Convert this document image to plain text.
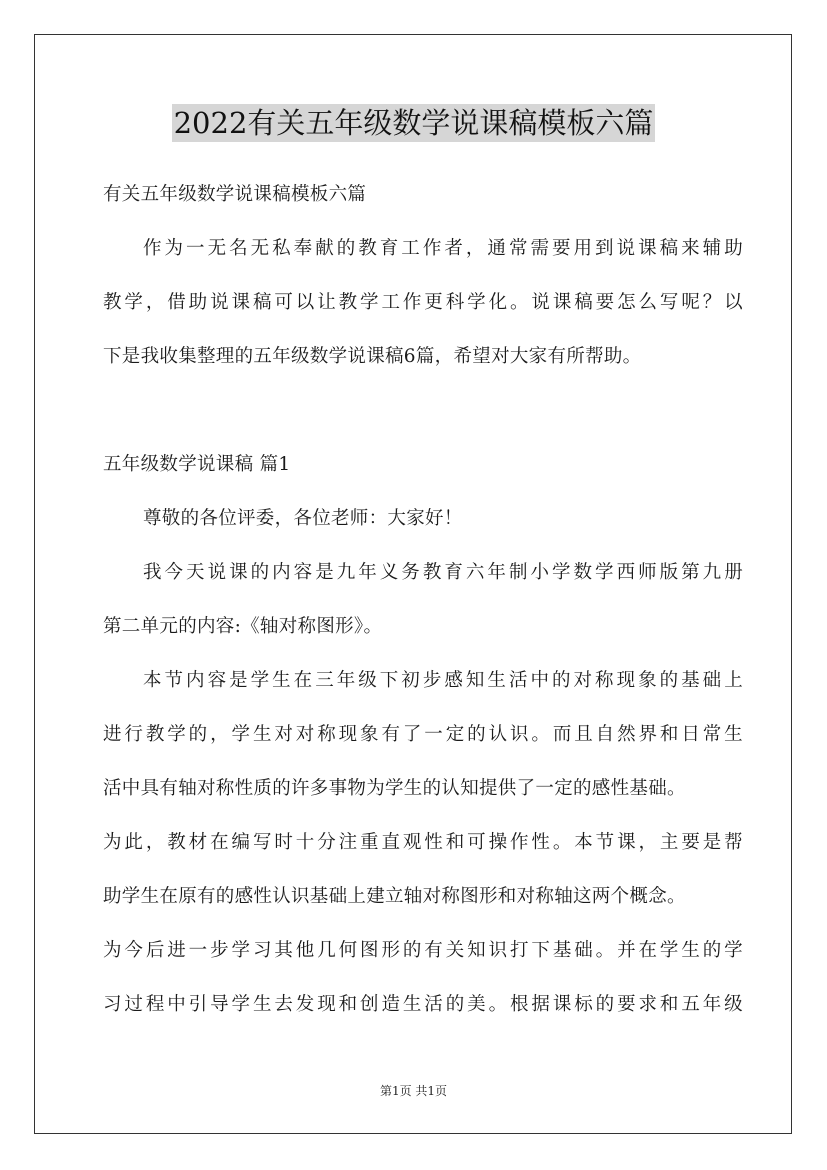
2022有关五年级数学说课稿模板六篇
有关五年级数学说课稿模板六篇
作为一无名无私奉献的教育工作者，通常需要用到说课稿来辅助
教学，借助说课稿可以让教学工作更科学化。说课稿要怎么写呢？以
下是我收集整理的五年级数学说课稿6篇，希望对大家有所帮助。
五年级数学说课稿 篇1
尊敬的各位评委，各位老师：大家好！
我今天说课的内容是九年义务教育六年制小学数学西师版第九册
第二单元的内容:《轴对称图形》。
本节内容是学生在三年级下初步感知生活中的对称现象的基础上
进行教学的，学生对对称现象有了一定的认识。而且自然界和日常生
活中具有轴对称性质的许多事物为学生的认知提供了一定的感性基础。
为此，教材在编写时十分注重直观性和可操作性。本节课，主要是帮
助学生在原有的感性认识基础上建立轴对称图形和对称轴这两个概念。
为今后进一步学习其他几何图形的有关知识打下基础。并在学生的学
习过程中引导学生去发现和创造生活的美。根据课标的要求和五年级
第1页 共1页
